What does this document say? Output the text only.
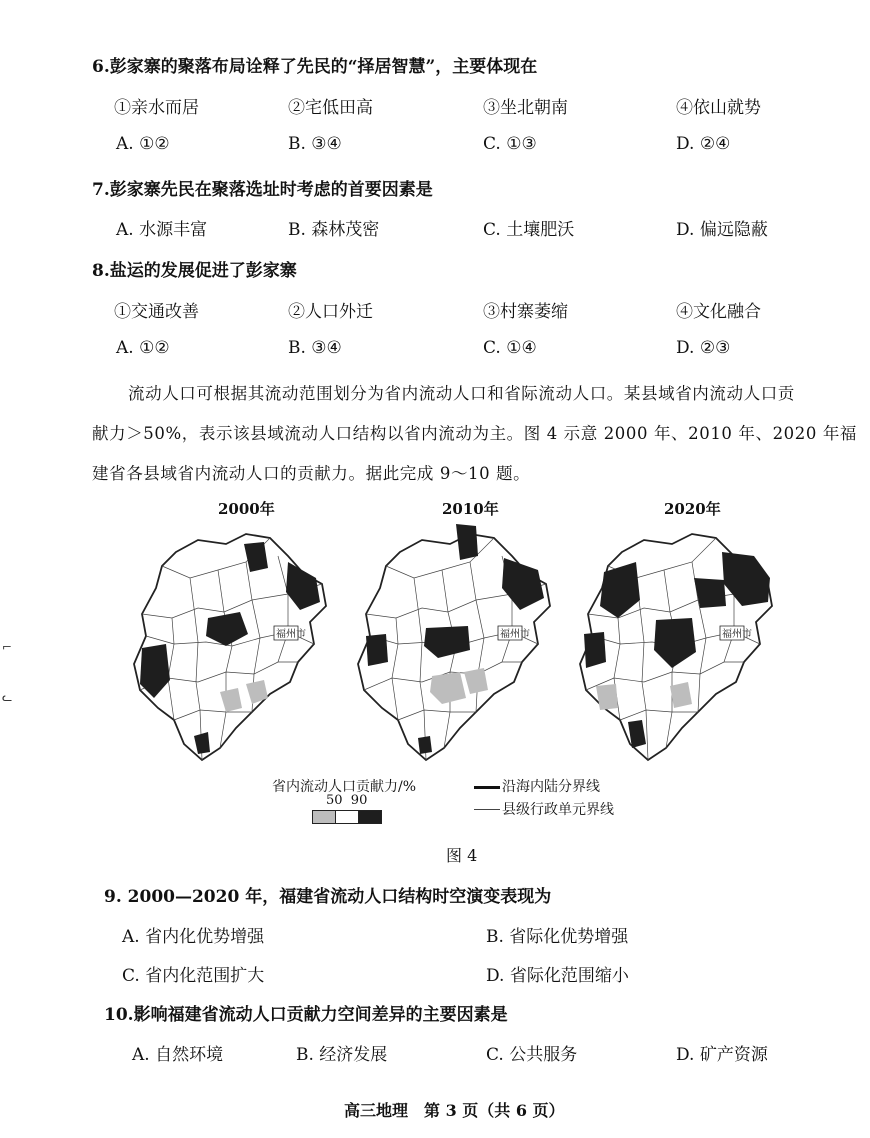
⌐
ᓚ
6.彭家寨的聚落布局诠释了先民的“择居智慧”，主要体现在
①亲水而居	②宅低田高	③坐北朝南	④依山就势
A. ①②	B. ③④	C. ①③	D. ②④
7.彭家寨先民在聚落选址时考虑的首要因素是
A. 水源丰富	B. 森林茂密	C. 土壤肥沃	D. 偏远隐蔽
8.盐运的发展促进了彭家寨
①交通改善	②人口外迁	③村寨萎缩	④文化融合
A. ①②	B. ③④	C. ①④	D. ②③
流动人口可根据其流动范围划分为省内流动人口和省际流动人口。某县域省内流动人口贡
献力＞50%，表示该县域流动人口结构以省内流动为主。图 4 示意 2000 年、2010 年、2020 年福
建省各县域省内流动人口的贡献力。据此完成 9～10 题。
2000年	2010年	2020年
福州市	福州市	福州市
省内流动人口贡献力/%
50  90
沿海内陆分界线
县级行政单元界线
图 4
9. 2000—2020 年，福建省流动人口结构时空演变表现为
A. 省内化优势增强	B. 省际化优势增强
C. 省内化范围扩大	D. 省际化范围缩小
10.影响福建省流动人口贡献力空间差异的主要因素是
A. 自然环境	B. 经济发展	C. 公共服务	D. 矿产资源
高三地理　第 3 页（共 6 页）
